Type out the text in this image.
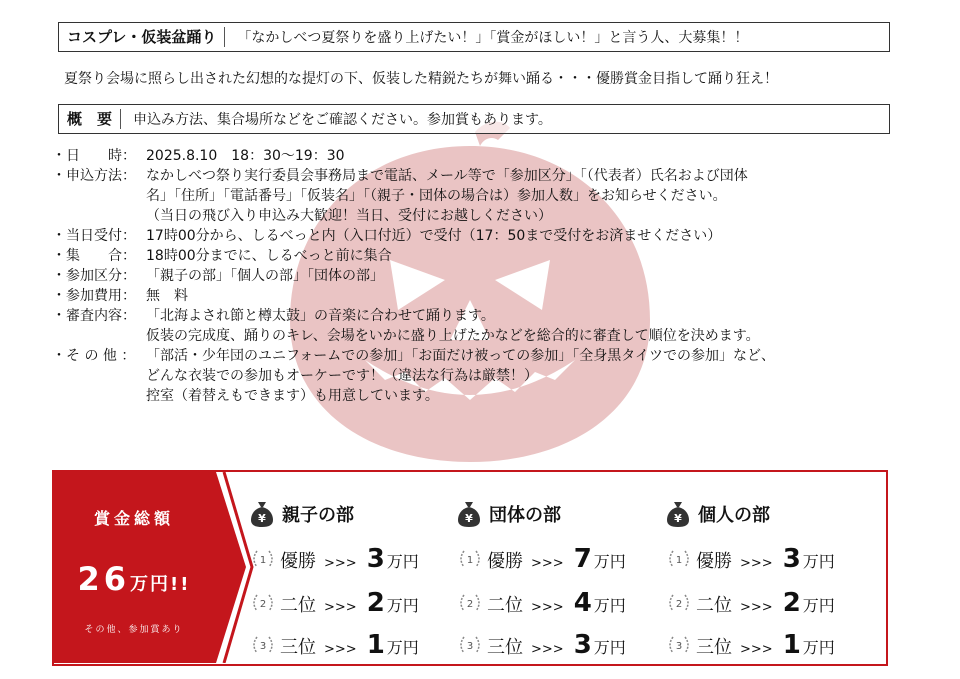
コスプレ・仮装盆踊り	「なかしべつ夏祭りを盛り上げたい！」「賞金がほしい！」と言う人、大募集！！
夏祭り会場に照らし出された幻想的な提灯の下、仮装した精鋭たちが舞い踊る・・・優勝賞金目指して踊り狂え！
概　要	申込み方法、集合場所などをご確認ください。参加賞もあります。
・日　　時： 2025.8.10　18：30～19：30
・申込方法： なかしべつ祭り実行委員会事務局まで電話、メール等で「参加区分」「（代表者）氏名および団体
名」「住所」「電話番号」「仮装名」「（親子・団体の場合は）参加人数」をお知らせください。
（当日の飛び入り申込み大歓迎！当日、受付にお越しください）
・当日受付： 17時00分から、しるべっと内（入口付近）で受付（17：50まで受付をお済ませください）
・集　　合： 18時00分までに、しるべっと前に集合
・参加区分： 「親子の部」「個人の部」「団体の部」
・参加費用： 無　料
・審査内容： 「北海よされ節と樽太鼓」の音楽に合わせて踊ります。
仮装の完成度、踊りのキレ、会場をいかに盛り上げたかなどを総合的に審査して順位を決めます。
・そ の 他 ： 「部活・少年団のユニフォームでの参加」「お面だけ被っての参加」「全身黒タイツでの参加」など、
どんな衣装での参加もオーケーです！（違法な行為は厳禁！）
控室（着替えもできます）も用意しています。
賞金総額
26万円!!
その他、参加賞あり
¥ 親子の部
1 優勝 >>> 3 万円
2 二位 >>> 2 万円
3 三位 >>> 1 万円
¥ 団体の部
1 優勝 >>> 7 万円
2 二位 >>> 4 万円
3 三位 >>> 3 万円
¥ 個人の部
1 優勝 >>> 3 万円
2 二位 >>> 2 万円
3 三位 >>> 1 万円
